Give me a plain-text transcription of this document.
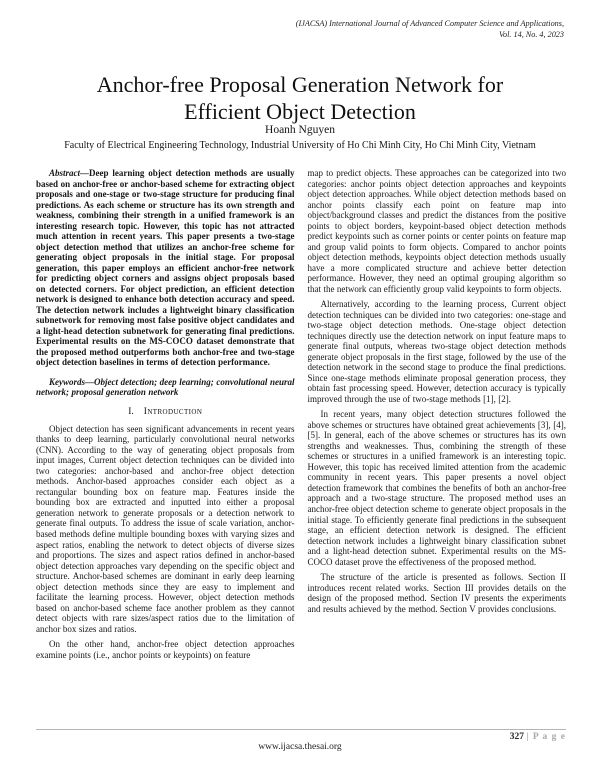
(IJACSA) International Journal of Advanced Computer Science and Applications,
Vol. 14, No. 4, 2023
Anchor-free Proposal Generation Network for Efficient Object Detection
Hoanh Nguyen
Faculty of Electrical Engineering Technology, Industrial University of Ho Chi Minh City, Ho Chi Minh City, Vietnam

Abstract—Deep learning object detection methods are usually based on anchor-free or anchor-based scheme for extracting object proposals and one-stage or two-stage structure for producing final predictions. As each scheme or structure has its own strength and weakness, combining their strength in a unified framework is an interesting research topic. However, this topic has not attracted much attention in recent years. This paper presents a two-stage object detection method that utilizes an anchor-free scheme for generating object proposals in the initial stage. For proposal generation, this paper employs an efficient anchor-free network for predicting object corners and assigns object proposals based on detected corners. For object prediction, an efficient detection network is designed to enhance both detection accuracy and speed. The detection network includes a lightweight binary classification subnetwork for removing most false positive object candidates and a light-head detection subnetwork for generating final predictions. Experimental results on the MS-COCO dataset demonstrate that the proposed method outperforms both anchor-free and two-stage object detection baselines in terms of detection performance.

Keywords—Object detection; deep learning; convolutional neural network; proposal generation network

I. Introduction

Object detection has seen significant advancements in recent years thanks to deep learning, particularly convolutional neural networks (CNN). According to the way of generating object proposals from input images, Current object detection techniques can be divided into two categories: anchor-based and anchor-free object detection methods. Anchor-based approaches consider each object as a rectangular bounding box on feature map. Features inside the bounding box are extracted and inputted into either a proposal generation network to generate proposals or a detection network to generate final outputs. To address the issue of scale variation, anchor-based methods define multiple bounding boxes with varying sizes and aspect ratios, enabling the network to detect objects of diverse sizes and proportions. The sizes and aspect ratios defined in anchor-based object detection approaches vary depending on the specific object and structure. Anchor-based schemes are dominant in early deep learning object detection methods since they are easy to implement and facilitate the learning process. However, object detection methods based on anchor-based scheme face another problem as they cannot detect objects with rare sizes/aspect ratios due to the limitation of anchor box sizes and ratios.

On the other hand, anchor-free object detection approaches examine points (i.e., anchor points or keypoints) on feature

map to predict objects. These approaches can be categorized into two categories: anchor points object detection approaches and keypoints object detection approaches. While object detection methods based on anchor points classify each point on feature map into object/background classes and predict the distances from the positive points to object borders, keypoint-based object detection methods predict keypoints such as corner points or center points on feature map and group valid points to form objects. Compared to anchor points object detection methods, keypoints object detection methods usually have a more complicated structure and achieve better detection performance. However, they need an optimal grouping algorithm so that the network can efficiently group valid keypoints to form objects.

Alternatively, according to the learning process, Current object detection techniques can be divided into two categories: one-stage and two-stage object detection methods. One-stage object detection techniques directly use the detection network on input feature maps to generate final outputs, whereas two-stage object detection methods generate object proposals in the first stage, followed by the use of the detection network in the second stage to produce the final predictions. Since one-stage methods eliminate proposal generation process, they obtain fast processing speed. However, detection accuracy is typically improved through the use of two-stage methods [1], [2].

In recent years, many object detection structures followed the above schemes or structures have obtained great achievements [3], [4], [5]. In general, each of the above schemes or structures has its own strengths and weaknesses. Thus, combining the strength of these schemes or structures in a unified framework is an interesting topic. However, this topic has received limited attention from the academic community in recent years. This paper presents a novel object detection framework that combines the benefits of both an anchor-free approach and a two-stage structure. The proposed method uses an anchor-free object detection scheme to generate object proposals in the initial stage. To efficiently generate final predictions in the subsequent stage, an efficient detection network is designed. The efficient detection network includes a lightweight binary classification subnet and a light-head detection subnet. Experimental results on the MS-COCO dataset prove the effectiveness of the proposed method.

The structure of the article is presented as follows. Section II introduces recent related works. Section III provides details on the design of the proposed method. Section IV presents the experiments and results achieved by the method. Section V provides conclusions.

327 | P a g e
www.ijacsa.thesai.org
